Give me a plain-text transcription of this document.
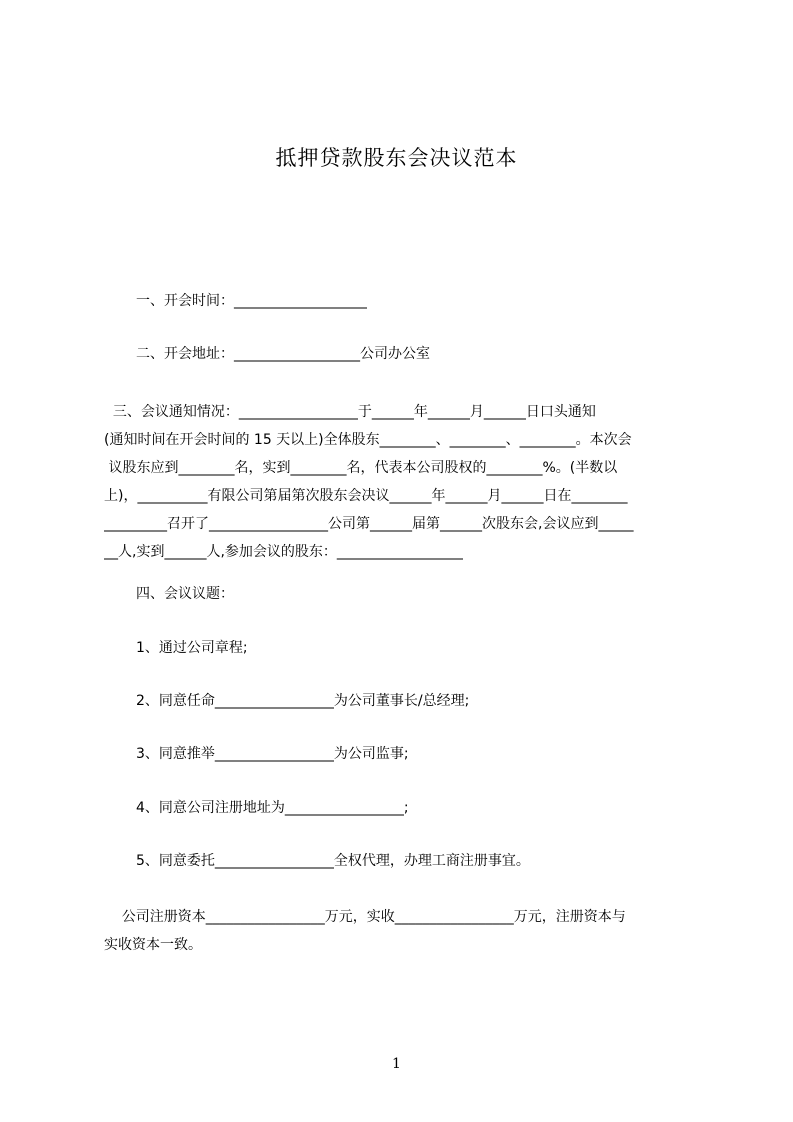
抵押贷款股东会决议范本

一、开会时间：___________________

二、开会地址：__________________公司办公室

三、会议通知情况：_________________于______年______月______日口头通知
(通知时间在开会时间的 15 天以上)全体股东________、________、________。本次会
议股东应到________名，实到________名，代表本公司股权的________%。(半数以
上)，__________有限公司第届第次股东会决议______年______月______日在________
_________召开了_________________公司第______届第______次股东会,会议应到_____
__人,实到______人,参加会议的股东：__________________

四、会议议题：

1、通过公司章程;

2、同意任命_________________为公司董事长/总经理;

3、同意推举_________________为公司监事;

4、同意公司注册地址为_________________;

5、同意委托_________________全权代理，办理工商注册事宜。

公司注册资本_________________万元，实收_________________万元，注册资本与
实收资本一致。
1
